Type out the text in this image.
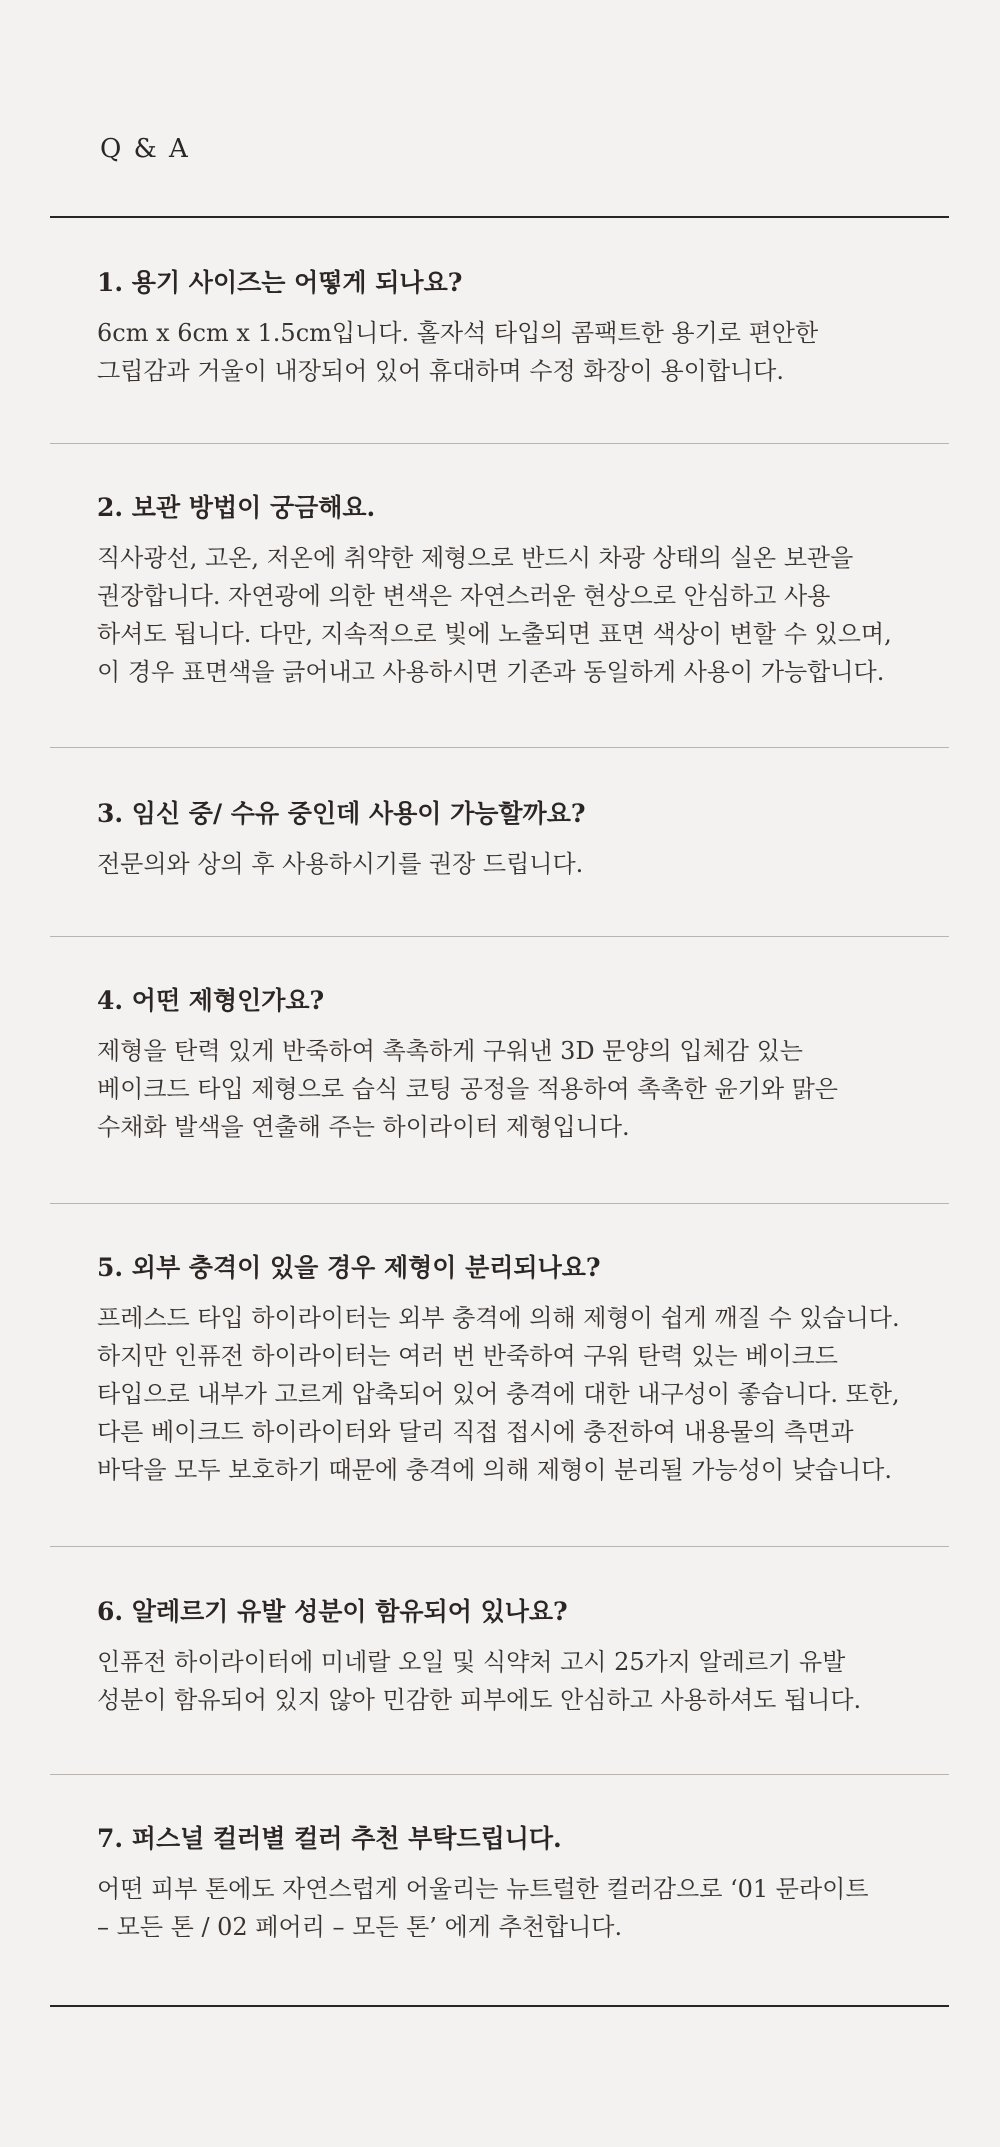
Q & A
1. 용기 사이즈는 어떻게 되나요?
6cm x 6cm x 1.5cm입니다. 홀자석 타입의 콤팩트한 용기로 편안한
그립감과 거울이 내장되어 있어 휴대하며 수정 화장이 용이합니다.
2. 보관 방법이 궁금해요.
직사광선, 고온, 저온에 취약한 제형으로 반드시 차광 상태의 실온 보관을
권장합니다. 자연광에 의한 변색은 자연스러운 현상으로 안심하고 사용
하셔도 됩니다. 다만, 지속적으로 빛에 노출되면 표면 색상이 변할 수 있으며,
이 경우 표면색을 긁어내고 사용하시면 기존과 동일하게 사용이 가능합니다.
3. 임신 중/ 수유 중인데 사용이 가능할까요?
전문의와 상의 후 사용하시기를 권장 드립니다.
4. 어떤 제형인가요?
제형을 탄력 있게 반죽하여 촉촉하게 구워낸 3D 문양의 입체감 있는
베이크드 타입 제형으로 습식 코팅 공정을 적용하여 촉촉한 윤기와 맑은
수채화 발색을 연출해 주는 하이라이터 제형입니다.
5. 외부 충격이 있을 경우 제형이 분리되나요?
프레스드 타입 하이라이터는 외부 충격에 의해 제형이 쉽게 깨질 수 있습니다.
하지만 인퓨전 하이라이터는 여러 번 반죽하여 구워 탄력 있는 베이크드
타입으로 내부가 고르게 압축되어 있어 충격에 대한 내구성이 좋습니다. 또한,
다른 베이크드 하이라이터와 달리 직접 접시에 충전하여 내용물의 측면과
바닥을 모두 보호하기 때문에 충격에 의해 제형이 분리될 가능성이 낮습니다.
6. 알레르기 유발 성분이 함유되어 있나요?
인퓨전 하이라이터에 미네랄 오일 및 식약처 고시 25가지 알레르기 유발
성분이 함유되어 있지 않아 민감한 피부에도 안심하고 사용하셔도 됩니다.
7. 퍼스널 컬러별 컬러 추천 부탁드립니다.
어떤 피부 톤에도 자연스럽게 어울리는 뉴트럴한 컬러감으로 ‘01 문라이트
– 모든 톤 / 02 페어리 – 모든 톤’ 에게 추천합니다.
